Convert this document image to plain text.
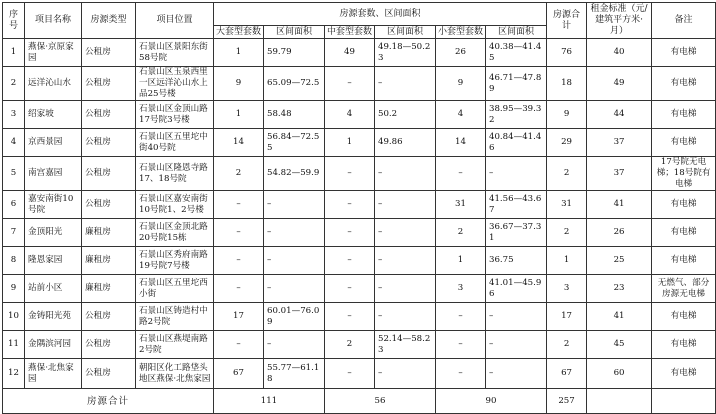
序号	项目名称	房源类型	项目位置	房源套数、区间面积						房源合计	租金标准（元/建筑平方米·月）	备注
				大套型套数	区间面积	中套型套数	区间面积	小套型套数	区间面积			
1	燕保·京原家园	公租房	石景山区景阳东街58号院	1	59.79	49	49.18—50.23	26	40.38—41.45	76	40	有电梯
2	远洋沁山水	公租房	石景山区玉泉西里一区远洋沁山水上品25号楼	9	65.09—72.5	–	–	9	46.71—47.89	18	49	有电梯
3	绍家坡	公租房	石景山区金顶山路17号院3号楼	1	58.48	4	50.2	4	38.95—39.32	9	44	有电梯
4	京西景园	公租房	石景山区五里坨中街40号院	14	56.84—72.55	1	49.86	14	40.84—41.46	29	37	有电梯
5	南宫嘉园	公租房	石景山区隆恩寺路17、18号院	2	54.82—59.9	–	–	–	–	2	37	17号院无电梯；18号院有电梯
6	嘉安南街10号院	公租房	石景山区嘉安南街10号院1、2号楼	–	–	–	–	31	41.56—43.67	31	41	有电梯
7	金顶阳光	廉租房	石景山区金顶北路20号院15栋	–	–	–	–	2	36.67—37.31	2	26	有电梯
8	隆恩家园	廉租房	石景山区秀府南路19号院7号楼	–	–	–	–	1	36.75	1	25	有电梯
9	站前小区	廉租房	石景山区五里坨西小街	–	–	–	–	3	41.01—45.96	3	23	无燃气、部分房源无电梯
10	金铸阳光苑	公租房	石景山区铸造村中路2号院	17	60.01—76.09	–	–	–	–	17	41	有电梯
11	金隅滨河园	公租房	石景山区燕堤南路2号院	–	–	2	52.14—58.23	–	–	2	45	有电梯
12	燕保·北焦家园	公租房	朝阳区化工路垡头地区燕保·北焦家园	67	55.77—61.18	–	–	–	–	67	60	有电梯
房源合计				111		56		90		257		
